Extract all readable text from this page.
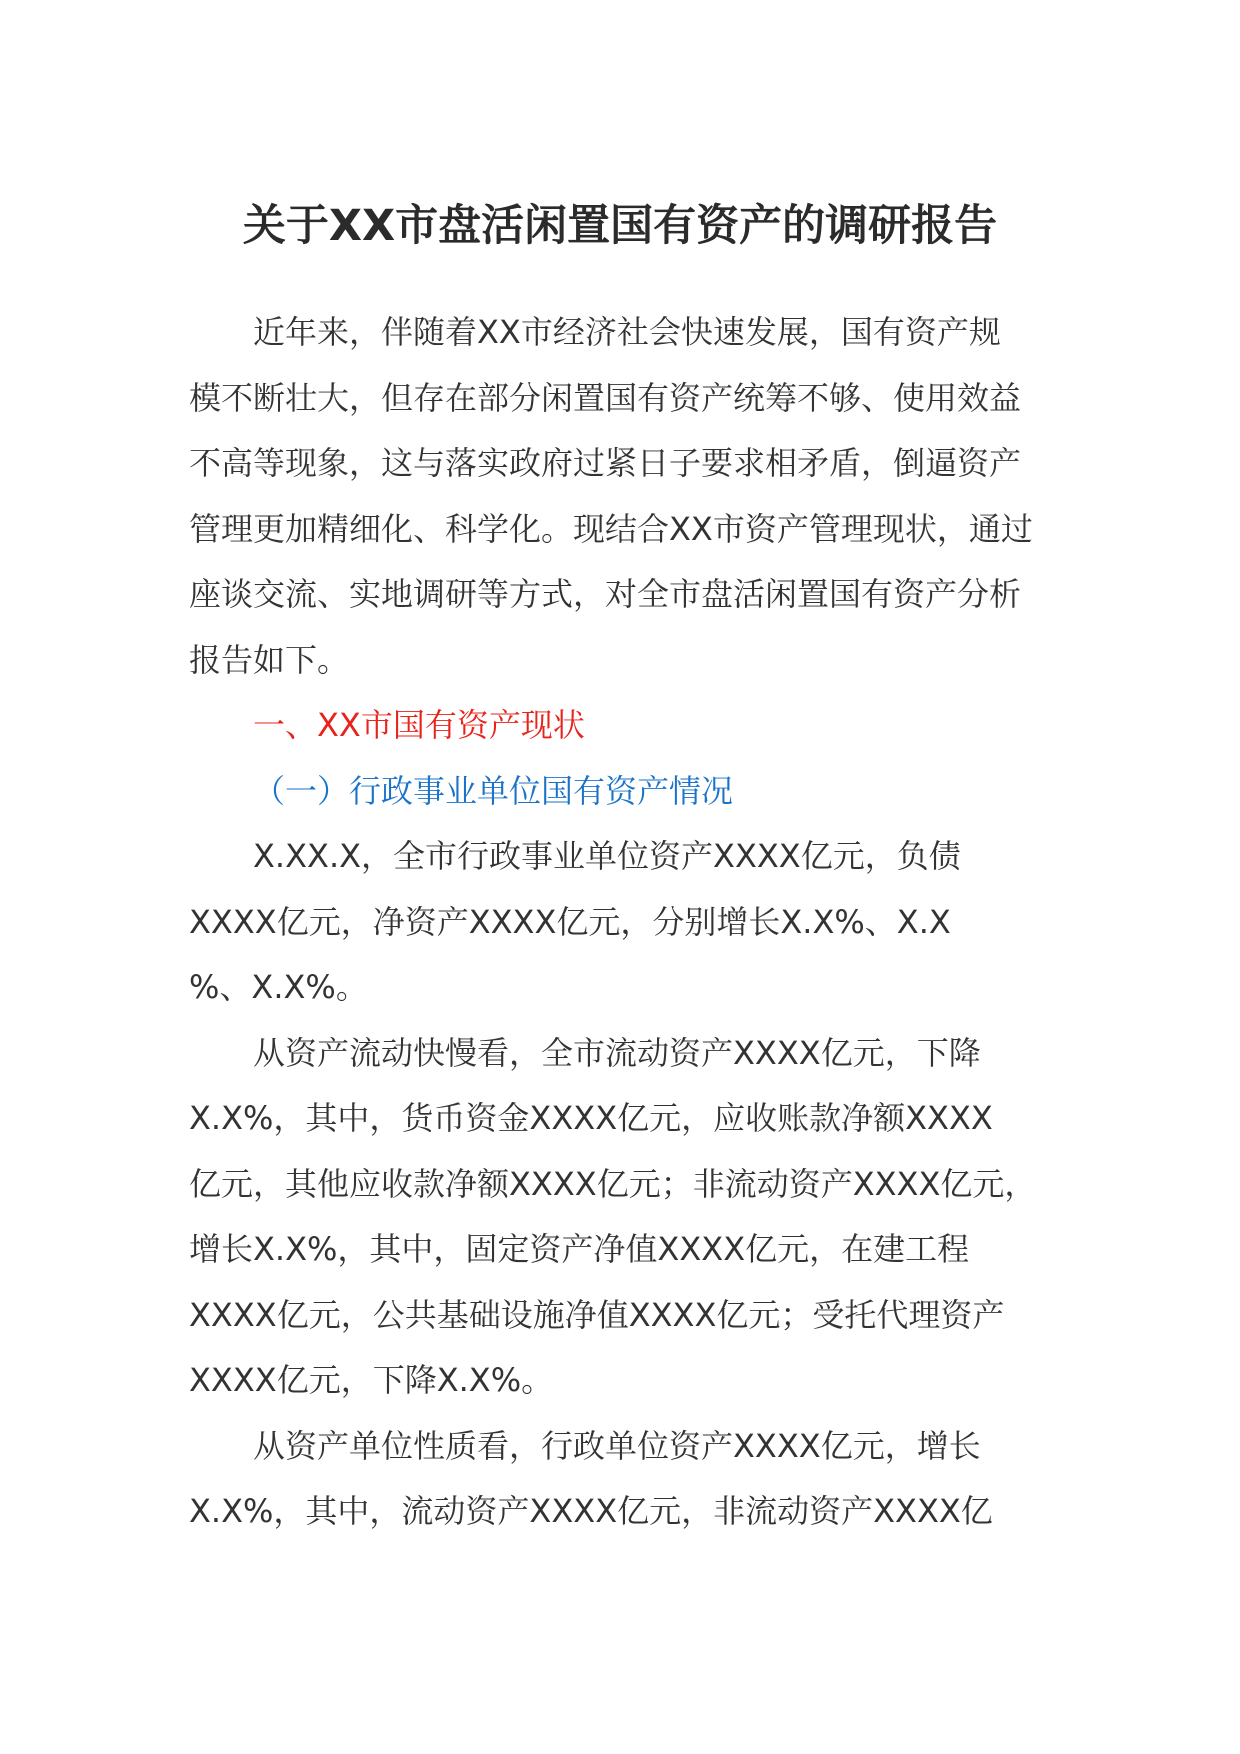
关于XX市盘活闲置国有资产的调研报告

近年来，伴随着XX市经济社会快速发展，国有资产规
模不断壮大，但存在部分闲置国有资产统筹不够、使用效益
不高等现象，这与落实政府过紧日子要求相矛盾，倒逼资产
管理更加精细化、科学化。现结合XX市资产管理现状，通过
座谈交流、实地调研等方式，对全市盘活闲置国有资产分析
报告如下。

一、XX市国有资产现状

（一）行政事业单位国有资产情况

X.XX.X，全市行政事业单位资产XXXX亿元，负债
XXXX亿元，净资产XXXX亿元，分别增长X.X%、X.X
%、X.X%。

从资产流动快慢看，全市流动资产XXXX亿元，下降
X.X%，其中，货币资金XXXX亿元，应收账款净额XXXX
亿元，其他应收款净额XXXX亿元；非流动资产XXXX亿元，
增长X.X%，其中，固定资产净值XXXX亿元，在建工程
XXXX亿元，公共基础设施净值XXXX亿元；受托代理资产
XXXX亿元，下降X.X%。

从资产单位性质看，行政单位资产XXXX亿元，增长
X.X%，其中，流动资产XXXX亿元，非流动资产XXXX亿
